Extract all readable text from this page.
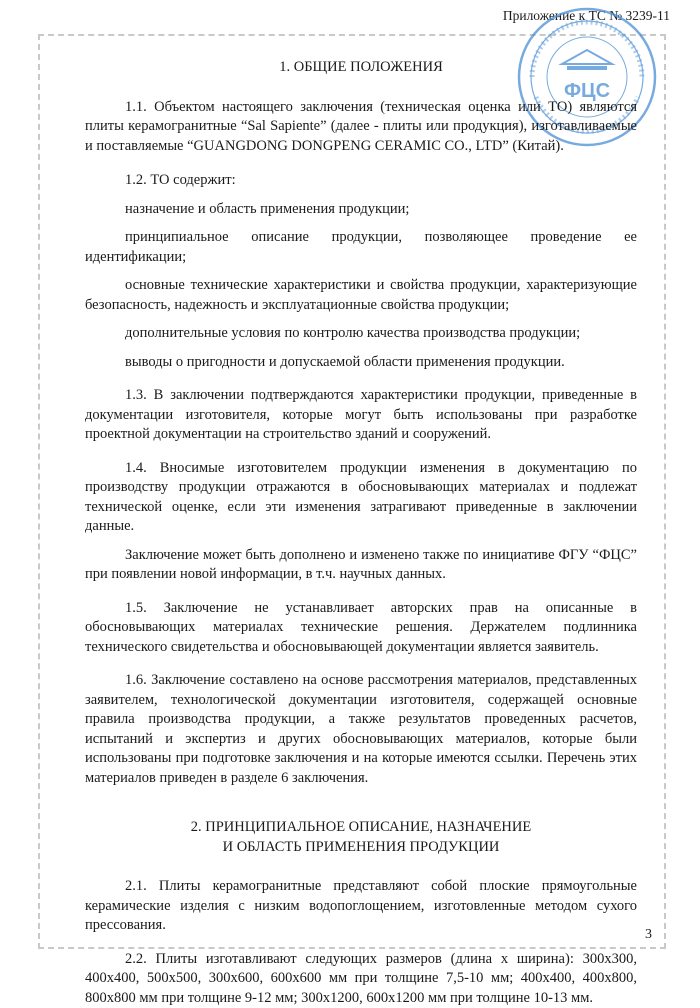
Приложение к ТС № 3239-11
ФЦС

1. ОБЩИЕ ПОЛОЖЕНИЯ

1.1. Объектом настоящего заключения (техническая оценка или ТО) являются плиты керамогранитные “Sal Sapiente” (далее - плиты или продукция), изготавливаемые и поставляемые “GUANGDONG DONGPENG CERAMIC CO., LTD” (Китай).

1.2. ТО содержит:

назначение и область применения продукции;

принципиальное описание продукции, позволяющее проведение ее идентификации;

основные технические характеристики и свойства продукции, характеризующие безопасность, надежность и эксплуатационные свойства продукции;

дополнительные условия по контролю качества производства продукции;

выводы о пригодности и допускаемой области применения продукции.

1.3. В заключении подтверждаются характеристики продукции, приведенные в документации изготовителя, которые могут быть использованы при разработке проектной документации на строительство зданий и сооружений.

1.4. Вносимые изготовителем продукции изменения в документацию по производству продукции отражаются в обосновывающих материалах и подлежат технической оценке, если эти изменения затрагивают приведенные в заключении данные.

Заключение может быть дополнено и изменено также по инициативе ФГУ “ФЦС” при появлении новой информации, в т.ч. научных данных.

1.5. Заключение не устанавливает авторских прав на описанные в обосновывающих материалах технические решения. Держателем подлинника технического свидетельства и обосновывающей документации является заявитель.

1.6. Заключение составлено на основе рассмотрения материалов, представленных заявителем, технологической документации изготовителя, содержащей основные правила производства продукции, а также результатов проведенных расчетов, испытаний и экспертиз и других обосновывающих материалов, которые были использованы при подготовке заключения и на которые имеются ссылки. Перечень этих материалов приведен в разделе 6 заключения.

2. ПРИНЦИПИАЛЬНОЕ ОПИСАНИЕ, НАЗНАЧЕНИЕ

И ОБЛАСТЬ ПРИМЕНЕНИЯ ПРОДУКЦИИ

2.1. Плиты керамогранитные представляют собой плоские прямоугольные керамические изделия с низким водопоглощением, изготовленные методом сухого прессования.

2.2. Плиты изготавливают следующих размеров (длина х ширина): 300х300, 400х400, 500х500, 300х600, 600х600 мм при толщине 7,5-10 мм; 400х400, 400х800, 800х800 мм при толщине 9-12 мм; 300х1200, 600х1200 мм при толщине 10-13 мм.

3
